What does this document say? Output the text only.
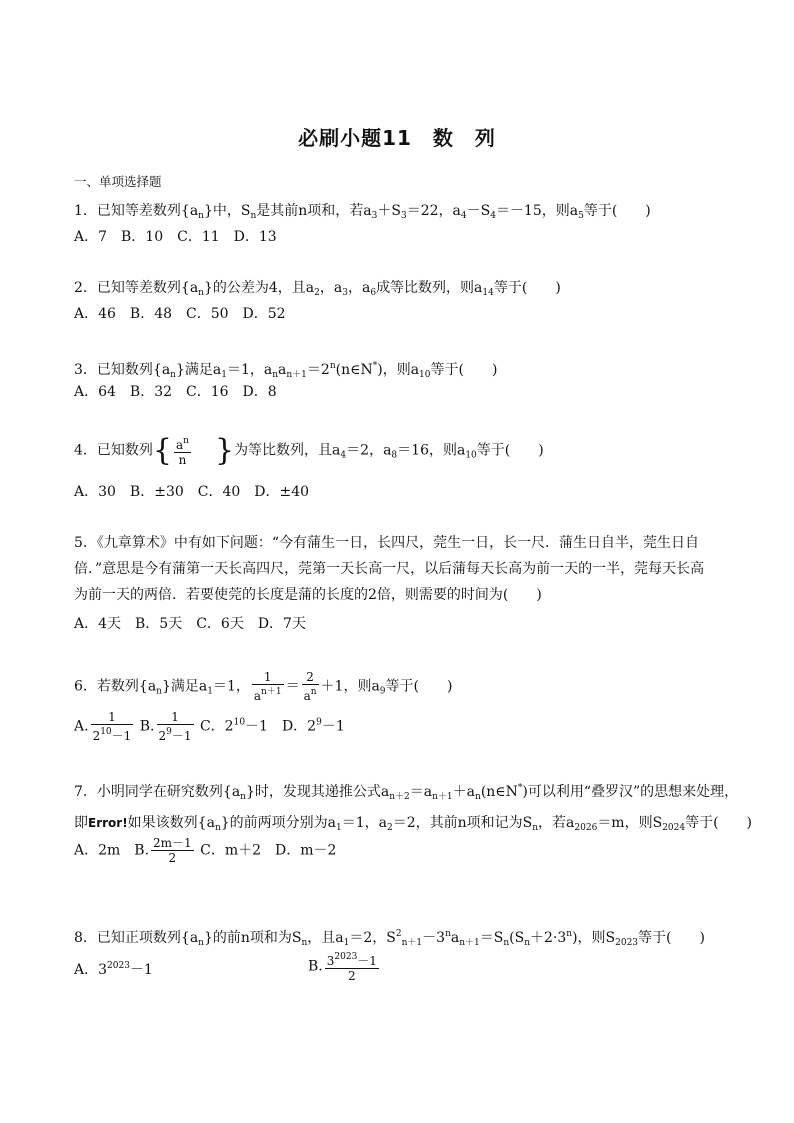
必刷小题11　数　列
一、单项选择题
1．已知等差数列$\{a_n\}$中，$S_n$是其前n项和，若$a_3+S_3=22$，$a_4-S_4=-15$，则$a_5$等于(　　)
A．7　B．10　C．11　D．13
2．已知等差数列$\{a_n\}$的公差为4，且$a_2$，$a_3$，$a_6$成等比数列，则$a_{14}$等于(　　)
A．46　B．48　C．50　D．52
3．已知数列$\{a_n\}$满足$a_1=1$，$a_na_{n+1}=2^n(n\in N^*)$，则$a_{10}$等于(　　)
A．64　B．32　C．16　D．8
4．已知数列{ $\frac{a^n}{n}$ }为等比数列，且$a_4=2$，$a_8=16$，则$a_{10}$等于(　　)
A．30　B．±30　C．40　D．±40
5．《九章算术》中有如下问题：“今有蒲生一日，长四尺，莞生一日，长一尺．蒲生日自半，莞生日自
倍．”意思是今有蒲第一天长高四尺，莞第一天长高一尺，以后蒲每天长高为前一天的一半，莞每天长高
为前一天的两倍．若要使莞的长度是蒲的长度的2倍，则需要的时间为(　　)
A．4天　B．5天　C．6天　D．7天
6．若数列$\{a_n\}$满足$a_1=1$， $\frac{1}{a^{n+1}} = \frac{2}{a^n} +1$，则$a_9$等于(　　)
A. $\frac{1}{2^{10}-1} B$. $\frac{1}{2^9-1}$ C．$2^{10}-1$　D．$2^9-1$
7．小明同学在研究数列$\{a_n\}$时，发现其递推公式$a_{n+2}=a_{n+1}+a_n(n\in N^*)$可以利用“叠罗汉”的思想来处理，
即Error!如果该数列$\{a_n\}$的前两项分别为$a_1=1$，$a_2=2$，其前n项和记为$S_n$，若$a_{2026}=m$，则$S_{2024}$等于(　　)
A．2m　B. $\frac{2m-1}{2}$ C．m＋2　D．m－2
8．已知正项数列$\{a_n\}$的前n项和为$S_n$，且$a_1=2$，$S^2_{n+1}-3^na_{n+1}=S_n(S_n+2\cdot 3^n)$，则$S_{2023}$等于(　　)
A．$3^{2023}-1$	B. $\frac{3^{2023}-1}{2}$
